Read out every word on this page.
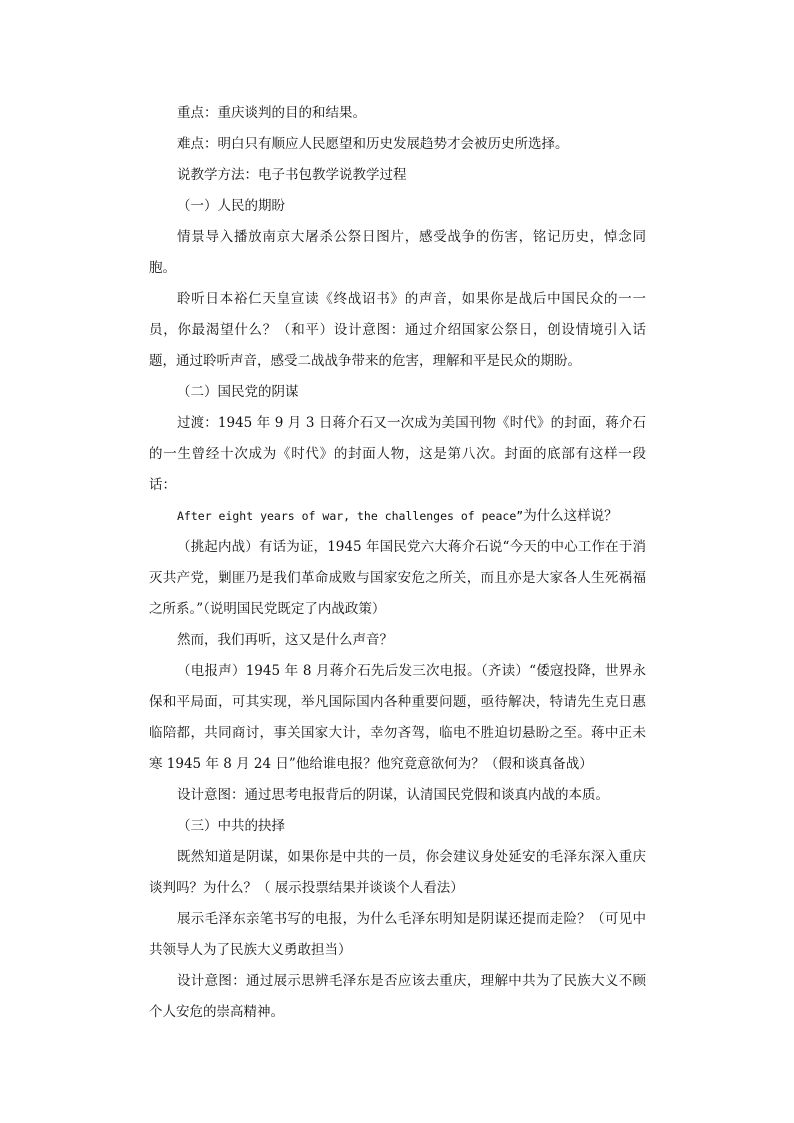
重点：重庆谈判的目的和结果。

难点：明白只有顺应人民愿望和历史发展趋势才会被历史所选择。

说教学方法：电子书包教学说教学过程

（一）人民的期盼

情景导入播放南京大屠杀公祭日图片，感受战争的伤害，铭记历史，悼念同胞。

聆听日本裕仁天皇宣读《终战诏书》的声音，如果你是战后中国民众的一一员，你最渴望什么？（和平）设计意图：通过介绍国家公祭日，创设情境引入话题，通过聆听声音，感受二战战争带来的危害，理解和平是民众的期盼。

（二）国民党的阴谋

过渡：1945 年 9 月 3 日蒋介石又一次成为美国刊物《时代》的封面，蒋介石的一生曾经十次成为《时代》的封面人物，这是第八次。封面的底部有这样一段话：

After eight years of war, the challenges of peace”为什么这样说？

（挑起内战）有话为证，1945 年国民党六大蒋介石说“今天的中心工作在于消灭共产党，剿匪乃是我们革命成败与国家安危之所关，而且亦是大家各人生死祸福之所系。”（说明国民党既定了内战政策）

然而，我们再听，这又是什么声音？

（电报声）1945 年 8 月蒋介石先后发三次电报。（齐读）“倭寇投降，世界永保和平局面，可其实现，举凡国际国内各种重要问题，亟待解决，特请先生克日惠临陪都，共同商讨，事关国家大计，幸勿吝驾，临电不胜迫切悬盼之至。蒋中正未寒 1945 年 8 月 24 日”他给谁电报？他究竟意欲何为？（假和谈真备战）

设计意图：通过思考电报背后的阴谋，认清国民党假和谈真内战的本质。

（三）中共的抉择

既然知道是阴谋，如果你是中共的一员，你会建议身处延安的毛泽东深入重庆谈判吗？为什么？（ 展示投票结果并谈谈个人看法）

展示毛泽东亲笔书写的电报，为什么毛泽东明知是阴谋还提而走险？（可见中共领导人为了民族大义勇敢担当）

设计意图：通过展示思辨毛泽东是否应该去重庆，理解中共为了民族大义不顾个人安危的崇高精神。
